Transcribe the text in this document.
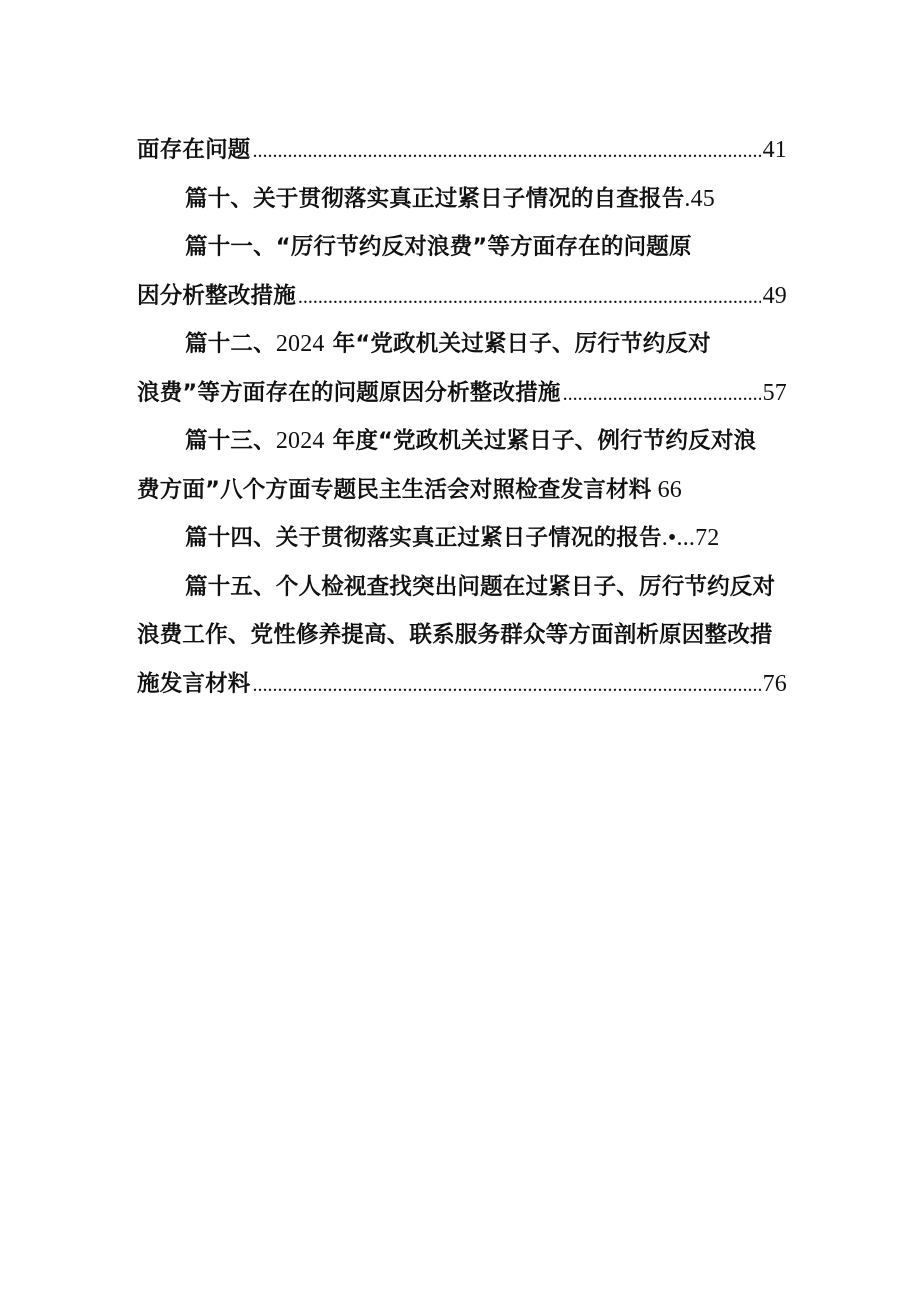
面存在问题 .....	41
篇十、关于贯彻落实真正过紧日子情况的自查报告.45
篇十一、“厉行节约反对浪费”等方面存在的问题原
因分析整改措施 .....	49
篇十二、2024 年“党政机关过紧日子、厉行节约反对
浪费”等方面存在的问题原因分析整改措施 .....	57
篇十三、2024 年度“党政机关过紧日子、例行节约反对浪
费方面”八个方面专题民主生活会对照检查发言材料 66
篇十四、关于贯彻落实真正过紧日子情况的报告.•...72
篇十五、个人检视查找突出问题在过紧日子、厉行节约反对
浪费工作、党性修养提高、联系服务群众等方面剖析原因整改措
施发言材料 .....	76
